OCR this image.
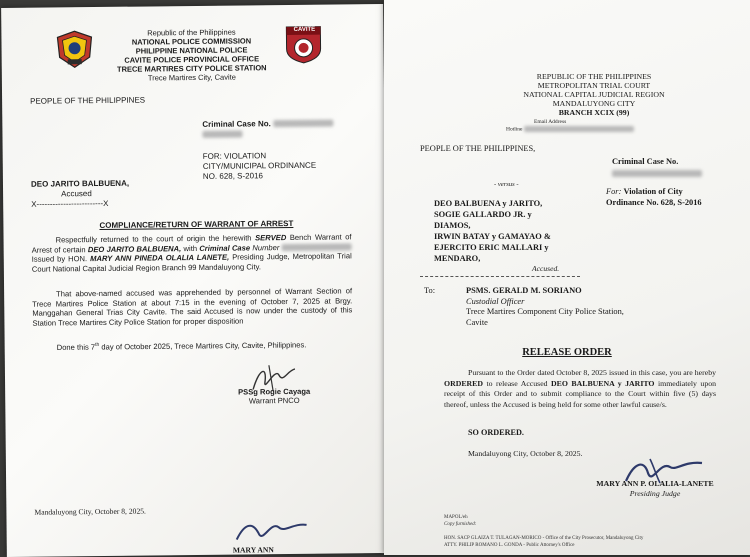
CAVITE
Republic of the Philippines
NATIONAL POLICE COMMISSION
PHILIPPINE NATIONAL POLICE
CAVITE POLICE PROVINCIAL OFFICE
TRECE MARTIRES CITY POLICE STATION
Trece Martires City, Cavite
PEOPLE OF THE PHILIPPINES
Criminal Case No.

FOR: VIOLATION
CITY/MUNICIPAL ORDINANCE
NO. 628, S-2016
DEO JARITO BALBUENA,
Accused
X-------------------------X
COMPLIANCE/RETURN OF WARRANT OF ARREST
Respectfully returned to the court of origin the herewith SERVED Bench Warrant of Arrest of certain DEO JARITO BALBUENA, with Criminal Case Number  Issued by HON. MARY ANN PINEDA OLALIA LANETE, Presiding Judge, Metropolitan Trial Court National Capital Judicial Region Branch 99 Mandaluyong City.
That above-named accused was apprehended by personnel of Warrant Section of Trece Martires Police Station at about 7:15 in the evening of October 7, 2025 at Brgy. Manggahan General Trias City Cavite. The said Accused is now under the custody of this Station Trece Martires City Police Station for proper disposition
Done this 7th day of October 2025, Trece Martires City, Cavite, Philippines.
PSSg Rogie Cayaga
Warrant PNCO
Mandaluyong City, October 8, 2025.
MARY ANN
REPUBLIC OF THE PHILIPPINES
METROPOLITAN TRIAL COURT
NATIONAL CAPITAL JUDICIAL REGION
MANDALUYONG CITY
BRANCH XCIX (99)
Email Address
Hotline
PEOPLE OF THE PHILIPPINES,
Criminal Case No.
- versus -
For: Violation of City
Ordinance No. 628, S-2016
DEO BALBUENA y JARITO,
SOGIE GALLARDO JR. y
DIAMOS,
IRWIN BATAY y GAMAYAO &
EJERCITO ERIC MALLARI y
MENDARO,
Accused.
To:	PSMS. GERALD M. SORIANO
Custodial Officer
Trece Martires Component City Police Station,
Cavite
RELEASE ORDER
Pursuant to the Order dated October 8, 2025 issued in this case, you are hereby ORDERED to release Accused DEO BALBUENA y JARITO immediately upon receipt of this Order and to submit compliance to the Court within five (5) days thereof, unless the Accused is being held for some other lawful cause/s.
SO ORDERED.
Mandaluyong City, October 8, 2025.
MARY ANN P. OLALIA-LANETE
Presiding Judge
MAPOL/eh
Copy furnished:
HON. SACP GLAIZA T. TULAGAN-MORICO - Office of the City Prosecutor, Mandaluyong City
ATTY. PHILIP ROMANO L. GONDA - Public Attorney's Office
